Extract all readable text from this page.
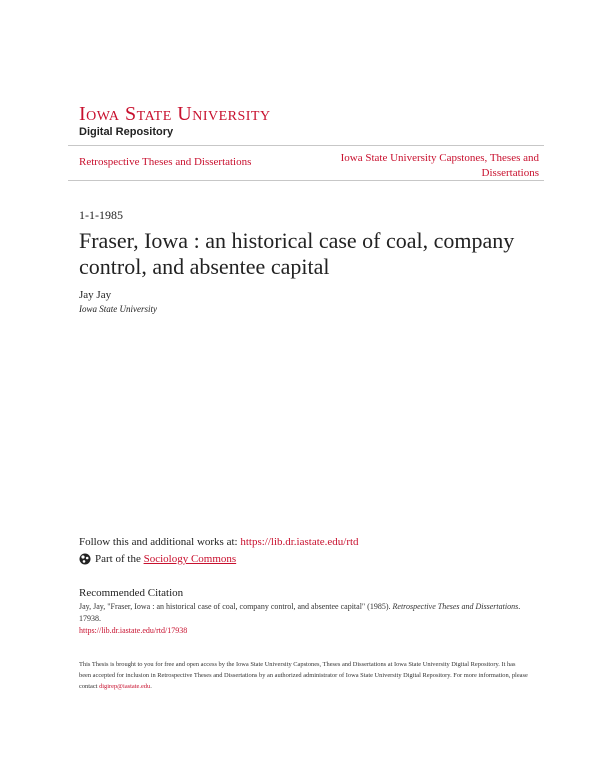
Iowa State University
Digital Repository
Retrospective Theses and Dissertations	Iowa State University Capstones, Theses and Dissertations
1-1-1985
Fraser, Iowa : an historical case of coal, company control, and absentee capital
Jay Jay
Iowa State University
Follow this and additional works at: https://lib.dr.iastate.edu/rtd
Part of the
Sociology Commons
Recommended Citation
Jay, Jay, "Fraser, Iowa : an historical case of coal, company control, and absentee capital" (1985). Retrospective Theses and Dissertations. 17938.
https://lib.dr.iastate.edu/rtd/17938
This Thesis is brought to you for free and open access by the Iowa State University Capstones, Theses and Dissertations at Iowa State University Digital Repository. It has been accepted for inclusion in Retrospective Theses and Dissertations by an authorized administrator of Iowa State University Digital Repository. For more information, please contact digirep@iastate.edu.
